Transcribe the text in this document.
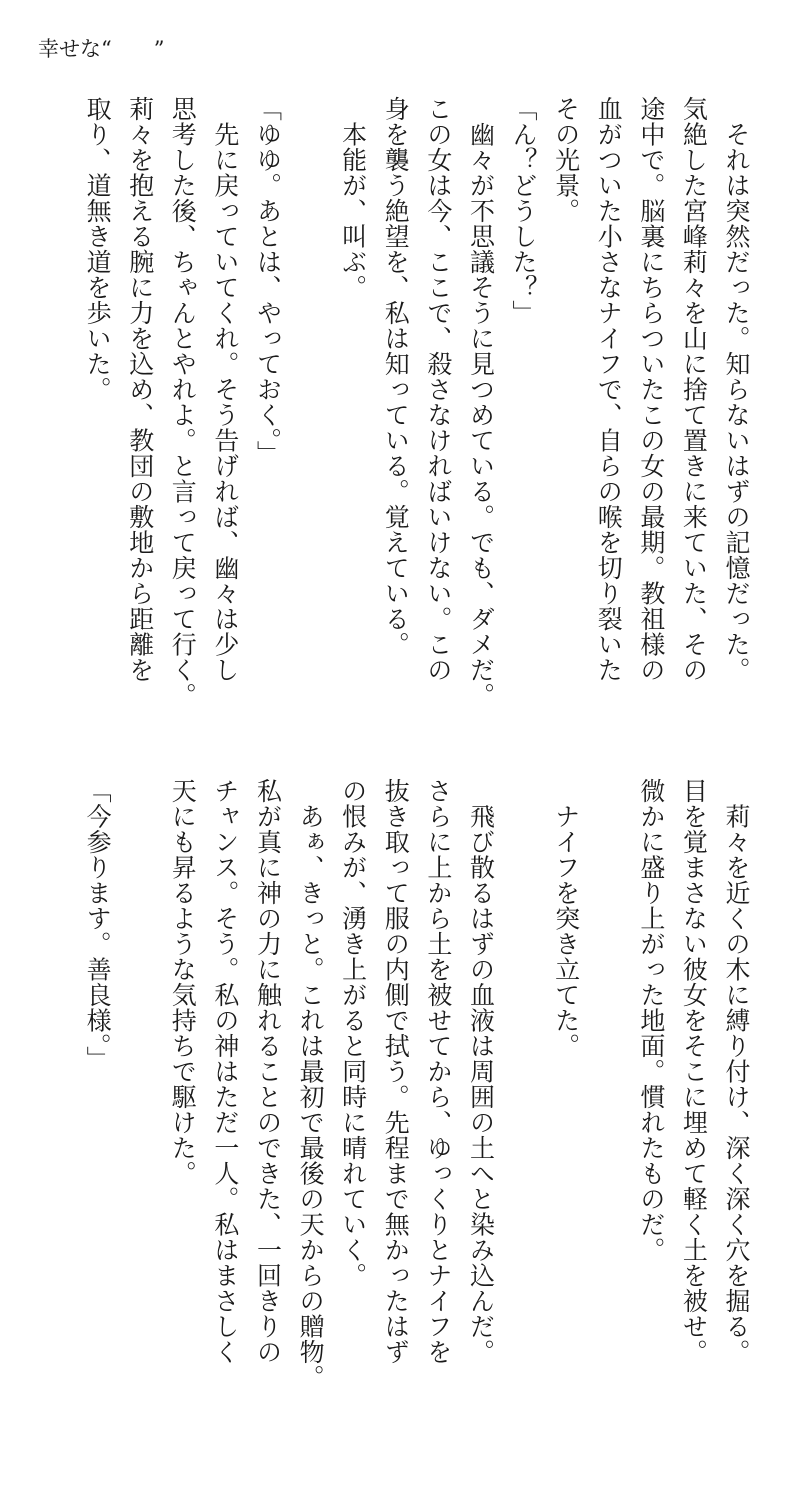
幸せな“　　”
　それは突然だった。知らないはずの記憶だった。
気絶した宮峰莉々を山に捨て置きに来ていた、その
途中で。脳裏にちらついたこの女の最期。教祖様の
血がついた小さなナイフで、自らの喉を切り裂いた
その光景。
「ん？どうした？」
　幽々が不思議そうに見つめている。でも、ダメだ。
この女は今、ここで、殺さなければいけない。この
身を襲う絶望を、私は知っている。覚えている。
　本能が、叫ぶ。

「ゆゆ。あとは、やっておく。」
　先に戻っていてくれ。そう告げれば、幽々は少し
思考した後、ちゃんとやれよ。と言って戻って行く。
莉々を抱える腕に力を込め、教団の敷地から距離を
取り、道無き道を歩いた。
　莉々を近くの木に縛り付け、深く深く穴を掘る。
目を覚まさない彼女をそこに埋めて軽く土を被せ。
微かに盛り上がった地面。慣れたものだ。

　ナイフを突き立てた。

　飛び散るはずの血液は周囲の土へと染み込んだ。
さらに上から土を被せてから、ゆっくりとナイフを
抜き取って服の内側で拭う。先程まで無かったはず
の恨みが、湧き上がると同時に晴れていく。
　あぁ、きっと。これは最初で最後の天からの贈物。
私が真に神の力に触れることのできた、一回きりの
チャンス。そう。私の神はただ一人。私はまさしく
天にも昇るような気持ちで駆けた。

「今参ります。善良様。」
